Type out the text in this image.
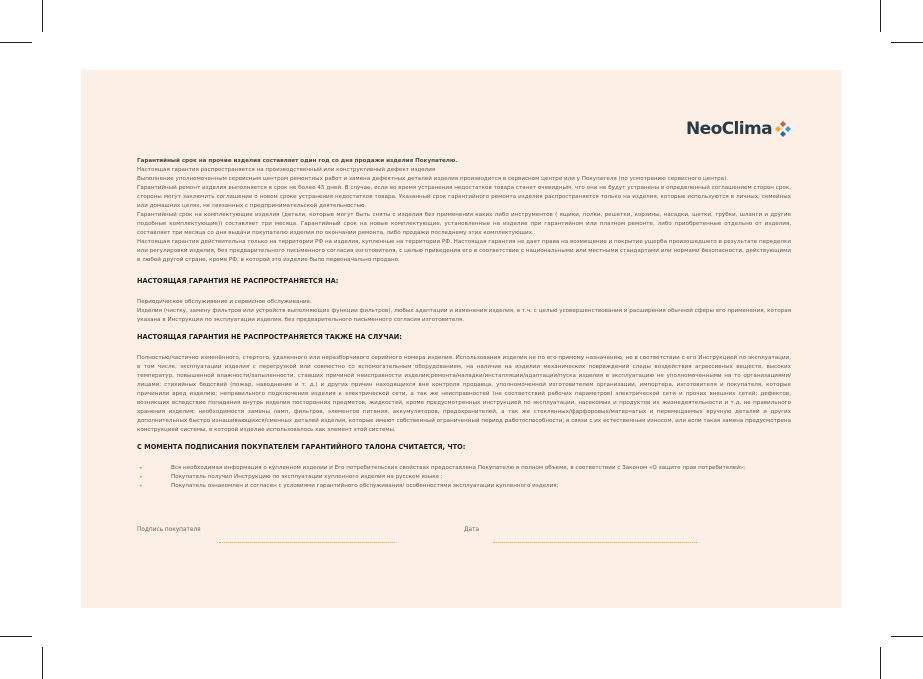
NeoClima

Гарантийный срок на прочие изделия составляет один год со дня продажи изделия Покупателю.

Настоящая гарантия распространяется на производственный или конструктивный дефект изделия

Выполнение уполномоченным сервисным центром ремонтных работ и замена дефектных деталей изделия производится в сервисном центре или у Покупателя (по усмотрению сервисного центра).

Гарантийный ремонт изделия выполняется в срок не более 45 дней. В случае, если во время устранения недостатков товара станет очевидным, что они не будут устранены в определенный соглашением сторон срок, стороны могут заключить соглашение о новом сроке устранения недостатков товара. Указанный срок гарантийного ремонта изделия распространяется только на изделия, которые используются в личных, семейных или домашних целях, не связанных с предпринимательской деятельностью.

Гарантийный срок на комплектующие изделия (детали, которые могут быть сняты с изделия без применения каких либо инструментов ( ящики, полки, решетки, корзины, насадки, щетки, трубки, шланги и другие подобные комплектующие)) составляет три месяца. Гарантийный срок на новые комплектующие, установленные на изделие при гарантийном или платном ремонте, либо приобретенные отдельно от изделия, составляет три месяца со дня выдачи покупателю изделия по окончании ремонта, либо продажи последнему этих комплектующих.

Настоящая гарантия действительна только на территории РФ на изделия, купленные на территории РФ. Настоящая гарантия не дает права на возмещение и покрытие ущерба произошедшего в результате переделки или регулировки изделия, без предварительного письменного согласия изготовителя, с целью приведения его в соответствие с национальными или местными стандартами или нормами безопасности, действующими в любой другой стране, кроме РФ, в которой это изделие было первоначально продано.

НАСТОЯЩАЯ ГАРАНТИЯ НЕ РАСПРОСТРАНЯЕТСЯ НА:

Периодическое обслуживание и сервисное обслуживание.

Изделия (чистку, замену фильтров или устройств выполняющих функции фильтров), любых адаптации и изменения изделия, в т.ч. с целью усовершенствования и расширения обычной сферы его применения, которая указана в Инструкции по эксплуатации изделия, без предварительного письменного согласия изготовителя.

НАСТОЯЩАЯ ГАРАНТИЯ НЕ РАСПРОСТРАНЯЕТСЯ ТАКЖЕ НА СЛУЧАИ:

Полностью/частично изменённого, стертого, удаленного или неразборчивого серийного номера изделия. Использования изделия не по его прямому назначению, не в соответствии с его Инструкцией по эксплуатации, в том числе, эксплуатации изделия с перегрузкой или совместно со вспомогательным оборудованием, на наличие на изделии механических повреждений следы воздействия агрессивных веществ, высоких температур, повышенной влажности/запыленности, ставших причиной неисправности изделия;ремонта/наладки/инсталляции/адаптации/пуска изделия в эксплуатацию не уполномоченными на то организациями/лицами; стихийных бедствий (пожар, наводнение и т. д.) и других причин находящихся вне контроля продавца, уполномоченной изготовителем организации, импортера, изготовителя и покупателя, которые причинили вред изделию; неправильного подключения изделия к электрической сети, а так же неисправностей (не соответствий рабочих параметров) электрической сети и прочих внешних сетей; дефектов, возникших вследствие попадания внутрь изделия посторонних предметов, жидкостей, кроме предусмотренных инструкцией по эксплуатации, насекомых и продуктов их жизнедеятельности и т.д. не правильного хранения изделия; необходимости замены ламп, фильтров, элементов питания, аккумуляторов, предохранителей, а так же стеклянных/фарфоровых/матерчатых и перемещаемых вручную деталей и других дополнительных быстро изнашивающихся/сменных деталей изделия, которые имеют собственный ограниченный период работоспособности, в связи с их естественным износом, или если такая замена предусмотрена конструкцией системы, в которой изделие использовалось как элемент этой системы.

С МОМЕНТА ПОДПИСАНИЯ ПОКУПАТЕЛЕМ ГАРАНТИЙНОГО ТАЛОНА СЧИТАЕТСЯ, ЧТО:
•	Вся необходимая информация о купленном изделии и Его потребительских свойствах предоставлена Покупателю в полном объеме, в соответствии с Законом «О защите прав потребителей»;
•	Покупатель получил Инструкцию по эксплуатации купленного изделия на русском языке ;
•	Покупатель ознакомлен и согласен с условиями гарантийного обслуживания/ особенностями эксплуатации купленного изделия;
Подпись покупателя	Дата
